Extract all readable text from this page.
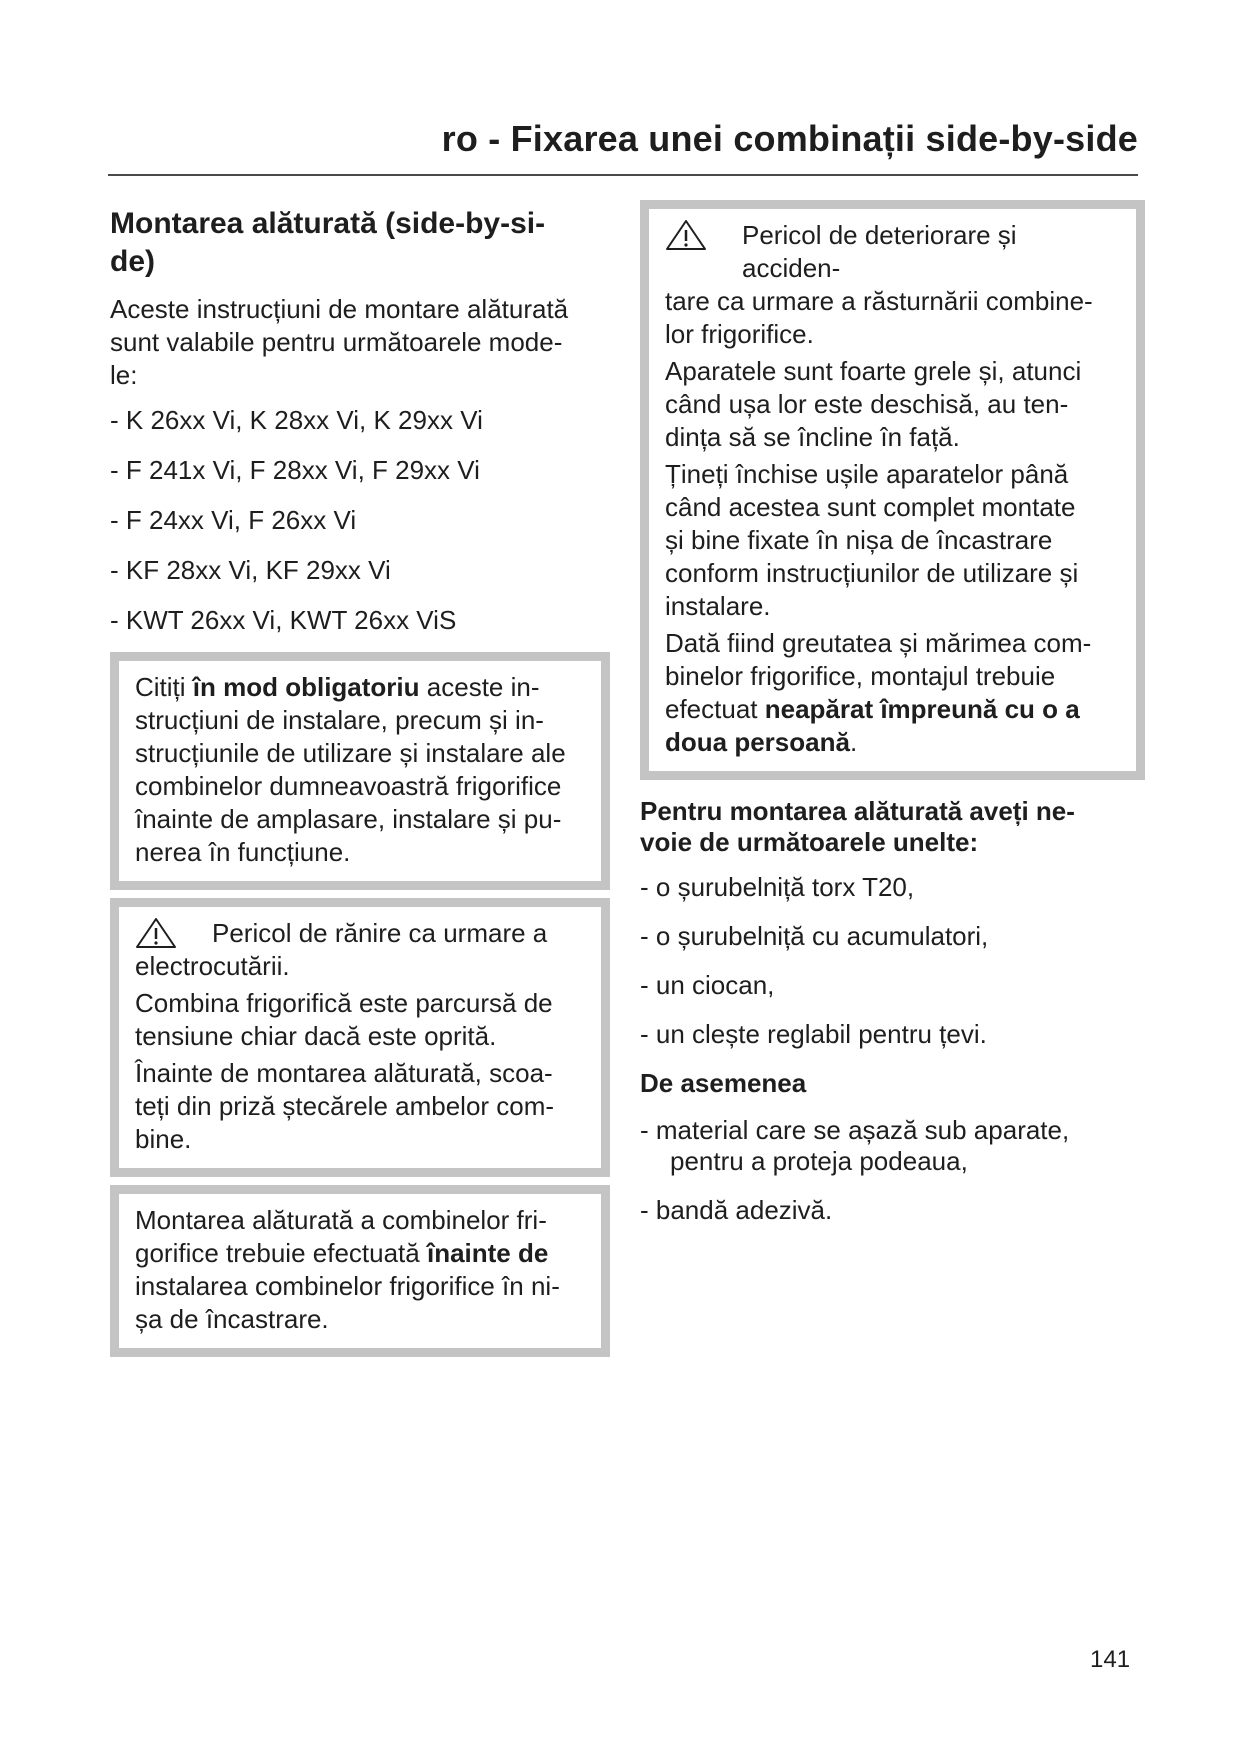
ro - Fixarea unei combinații side-by-side
Montarea alăturată (side-by-si-
de)

Aceste instrucțiuni de montare alăturată
sunt valabile pentru următoarele mode-
le:

- K 26xx Vi, K 28xx Vi, K 29xx Vi
- F 241x Vi, F 28xx Vi, F 29xx Vi
- F 24xx Vi, F 26xx Vi
- KF 28xx Vi, KF 29xx Vi
- KWT 26xx Vi, KWT 26xx ViS

Citiți în mod obligatoriu aceste in-
strucțiuni de instalare, precum și in-
strucțiunile de utilizare și instalare ale
combinelor dumneavoastră frigorifice
înainte de amplasare, instalare și pu-
nerea în funcțiune.

Pericol de rănire ca urmare a

electrocutării.

Combina frigorifică este parcursă de
tensiune chiar dacă este oprită.

Înainte de montarea alăturată, scoa-
teți din priză ștecărele ambelor com-
bine.

Montarea alăturată a combinelor fri-
gorifice trebuie efectuată înainte de
instalarea combinelor frigorifice în ni-
șa de încastrare.

Pericol de deteriorare și acciden-

tare ca urmare a răsturnării combine-
lor frigorifice.

Aparatele sunt foarte grele și, atunci
când ușa lor este deschisă, au ten-
dința să se încline în față.

Țineți închise ușile aparatelor până
când acestea sunt complet montate
și bine fixate în nișa de încastrare
conform instrucțiunilor de utilizare și
instalare.

Dată fiind greutatea și mărimea com-
binelor frigorifice, montajul trebuie
efectuat neapărat împreună cu o a
doua persoană.

Pentru montarea alăturată aveți ne-
voie de următoarele unelte:

- o șurubelniță torx T20,
- o șurubelniță cu acumulatori,
- un ciocan,
- un clește reglabil pentru țevi.

De asemenea

- material care se așază sub aparate,
pentru a proteja podeaua,
- bandă adezivă.
141
